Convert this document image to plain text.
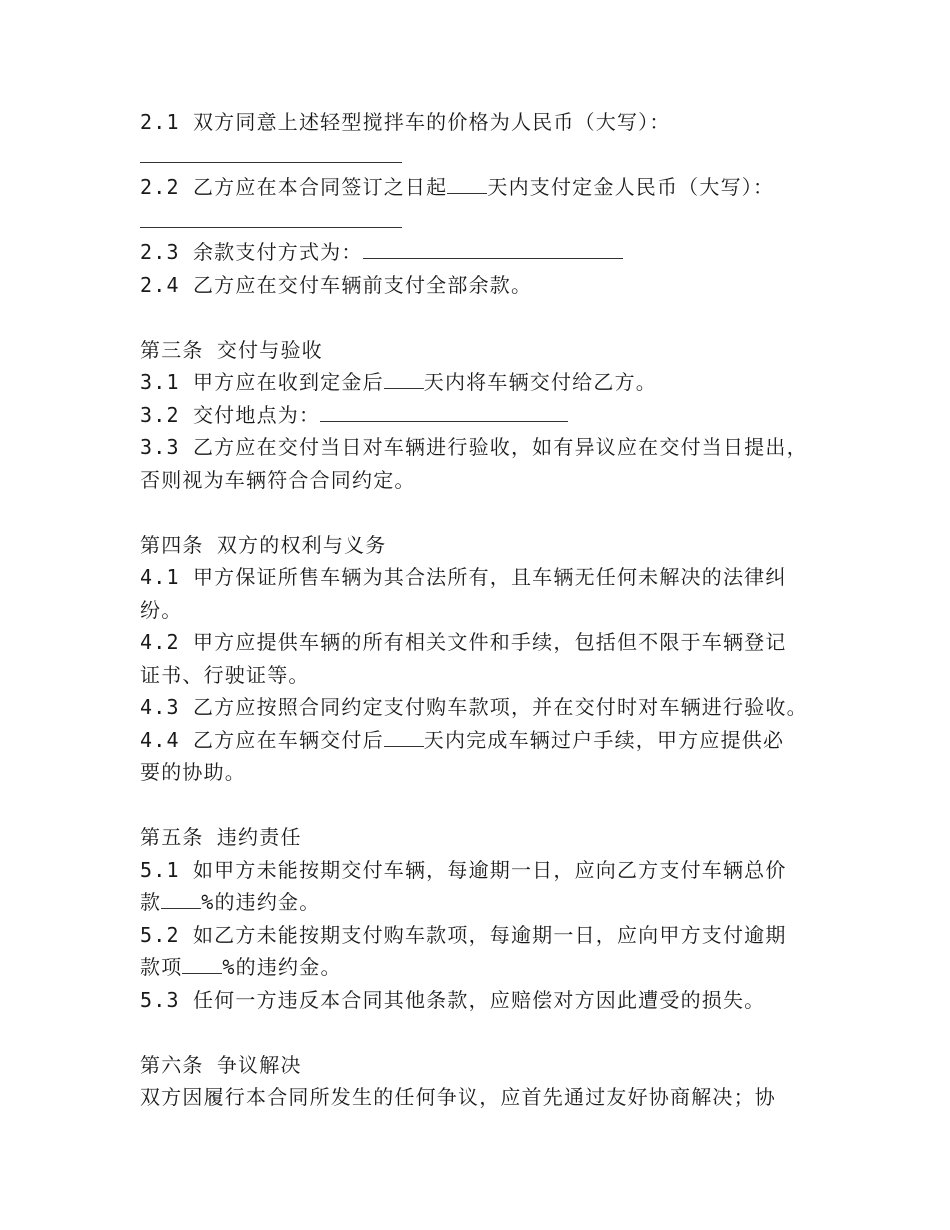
2.1 双方同意上述轻型搅拌车的价格为人民币（大写）：
2.2 乙方应在本合同签订之日起 天内支付定金人民币（大写）：
2.3 余款支付方式为：
2.4 乙方应在交付车辆前支付全部余款。
第三条 交付与验收
3.1 甲方应在收到定金后 天内将车辆交付给乙方。
3.2 交付地点为：
3.3 乙方应在交付当日对车辆进行验收，如有异议应在交付当日提出，
否则视为车辆符合合同约定。
第四条 双方的权利与义务
4.1 甲方保证所售车辆为其合法所有，且车辆无任何未解决的法律纠
纷。
4.2 甲方应提供车辆的所有相关文件和手续，包括但不限于车辆登记
证书、行驶证等。
4.3 乙方应按照合同约定支付购车款项，并在交付时对车辆进行验收。
4.4 乙方应在车辆交付后 天内完成车辆过户手续，甲方应提供必
要的协助。
第五条 违约责任
5.1 如甲方未能按期交付车辆，每逾期一日，应向乙方支付车辆总价
款 %的违约金。
5.2 如乙方未能按期支付购车款项，每逾期一日，应向甲方支付逾期
款项 %的违约金。
5.3 任何一方违反本合同其他条款，应赔偿对方因此遭受的损失。
第六条 争议解决
双方因履行本合同所发生的任何争议，应首先通过友好协商解决；协
